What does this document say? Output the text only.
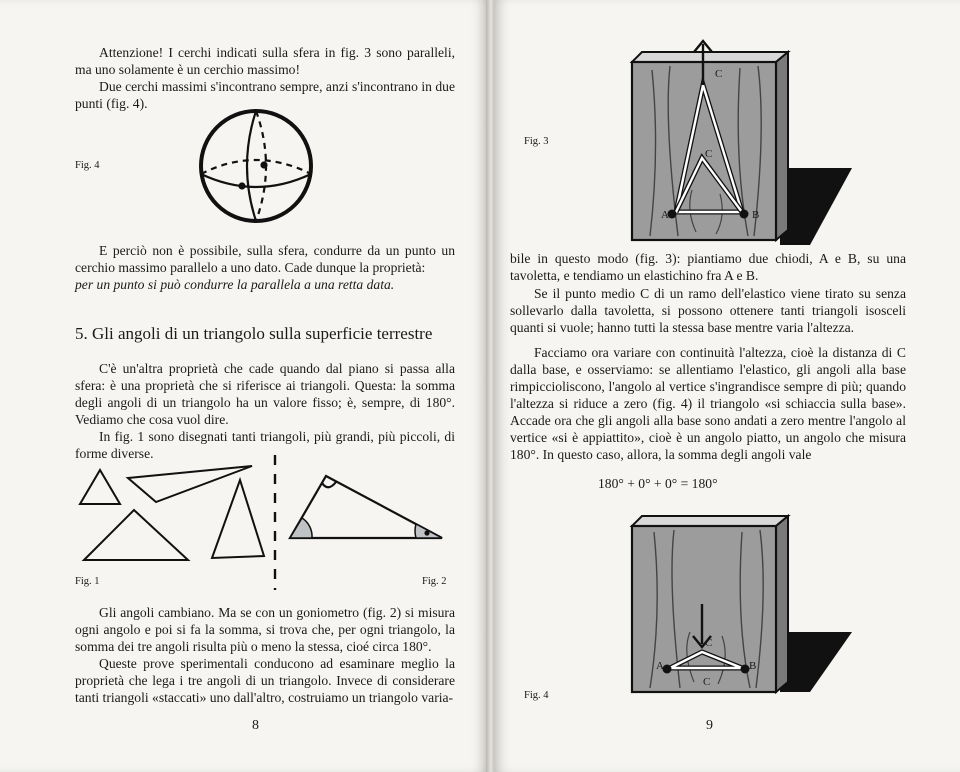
Attenzione! I cerchi indicati sulla sfera in fig. 3 sono paralleli, ma uno solamente è un cerchio massimo!

Due cerchi massimi s'incontrano sempre, anzi s'incontrano in due punti (fig. 4).

Fig. 4

E perciò non è possibile, sulla sfera, condurre da un punto un cerchio massimo parallelo a uno dato. Cade dunque la proprietà:

per un punto si può condurre la parallela a una retta data.

5. Gli angoli di un triangolo sulla superficie terrestre

C'è un'altra proprietà che cade quando dal piano si passa alla sfera: è una proprietà che si riferisce ai triangoli. Questa: la somma degli angoli di un triangolo ha un valore fisso; è, sempre, di 180°. Vediamo che cosa vuol dire.

In fig. 1 sono disegnati tanti triangoli, più grandi, più piccoli, di forme diverse.

Fig. 1	Fig. 2

Gli angoli cambiano. Ma se con un goniometro (fig. 2) si misura ogni angolo e poi si fa la somma, si trova che, per ogni triangolo, la somma dei tre angoli risulta più o meno la stessa, cioé circa 180°.

Queste prove sperimentali conducono ad esaminare meglio la proprietà che lega i tre angoli di un triangolo. Invece di considerare tanti triangoli «staccati» uno dall'altro, costruiamo un triangolo varia-

8
Fig. 3
C
C
A	B

bile in questo modo (fig. 3): piantiamo due chiodi, A e B, su una tavoletta, e tendiamo un elastichino fra A e B.

Se il punto medio C di un ramo dell'elastico viene tirato su senza sollevarlo dalla tavoletta, si possono ottenere tanti triangoli isosceli quanti si vuole; hanno tutti la stessa base mentre varia l'altezza.

Facciamo ora variare con continuità l'altezza, cioè la distanza di C dalla base, e osserviamo: se allentiamo l'elastico, gli angoli alla base rimpiccioliscono, l'angolo al vertice s'ingrandisce sempre di più; quando l'altezza si riduce a zero (fig. 4) il triangolo «si schiaccia sulla base». Accade ora che gli angoli alla base sono andati a zero mentre l'angolo al vertice «si è appiattito», cioè è un angolo piatto, un angolo che misura 180°. In questo caso, allora, la somma degli angoli vale

180° + 0° + 0° = 180°
Fig. 4
C
C
A	B
9
